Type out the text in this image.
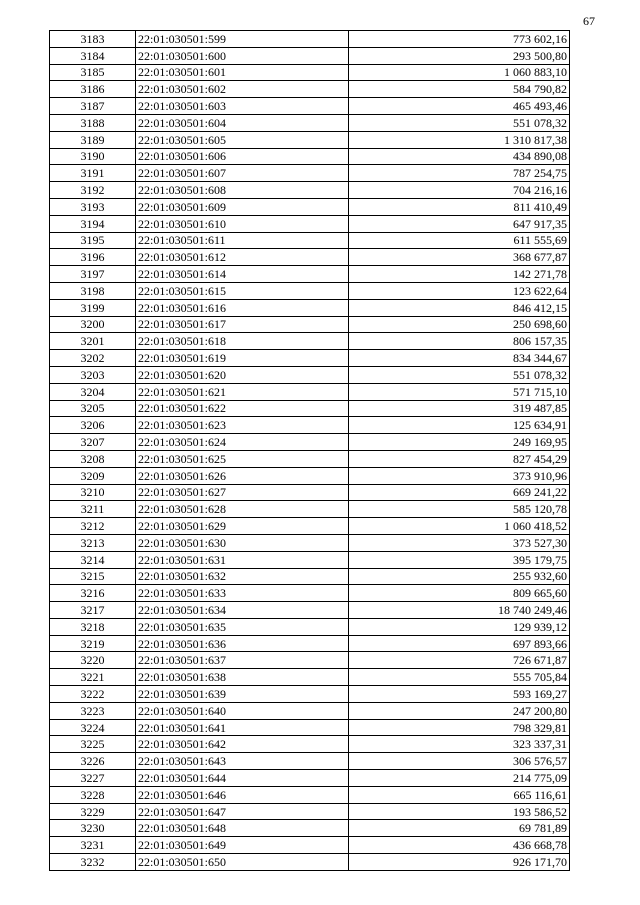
67
3183	22:01:030501:599	773 602,16
3184	22:01:030501:600	293 500,80
3185	22:01:030501:601	1 060 883,10
3186	22:01:030501:602	584 790,82
3187	22:01:030501:603	465 493,46
3188	22:01:030501:604	551 078,32
3189	22:01:030501:605	1 310 817,38
3190	22:01:030501:606	434 890,08
3191	22:01:030501:607	787 254,75
3192	22:01:030501:608	704 216,16
3193	22:01:030501:609	811 410,49
3194	22:01:030501:610	647 917,35
3195	22:01:030501:611	611 555,69
3196	22:01:030501:612	368 677,87
3197	22:01:030501:614	142 271,78
3198	22:01:030501:615	123 622,64
3199	22:01:030501:616	846 412,15
3200	22:01:030501:617	250 698,60
3201	22:01:030501:618	806 157,35
3202	22:01:030501:619	834 344,67
3203	22:01:030501:620	551 078,32
3204	22:01:030501:621	571 715,10
3205	22:01:030501:622	319 487,85
3206	22:01:030501:623	125 634,91
3207	22:01:030501:624	249 169,95
3208	22:01:030501:625	827 454,29
3209	22:01:030501:626	373 910,96
3210	22:01:030501:627	669 241,22
3211	22:01:030501:628	585 120,78
3212	22:01:030501:629	1 060 418,52
3213	22:01:030501:630	373 527,30
3214	22:01:030501:631	395 179,75
3215	22:01:030501:632	255 932,60
3216	22:01:030501:633	809 665,60
3217	22:01:030501:634	18 740 249,46
3218	22:01:030501:635	129 939,12
3219	22:01:030501:636	697 893,66
3220	22:01:030501:637	726 671,87
3221	22:01:030501:638	555 705,84
3222	22:01:030501:639	593 169,27
3223	22:01:030501:640	247 200,80
3224	22:01:030501:641	798 329,81
3225	22:01:030501:642	323 337,31
3226	22:01:030501:643	306 576,57
3227	22:01:030501:644	214 775,09
3228	22:01:030501:646	665 116,61
3229	22:01:030501:647	193 586,52
3230	22:01:030501:648	69 781,89
3231	22:01:030501:649	436 668,78
3232	22:01:030501:650	926 171,70
